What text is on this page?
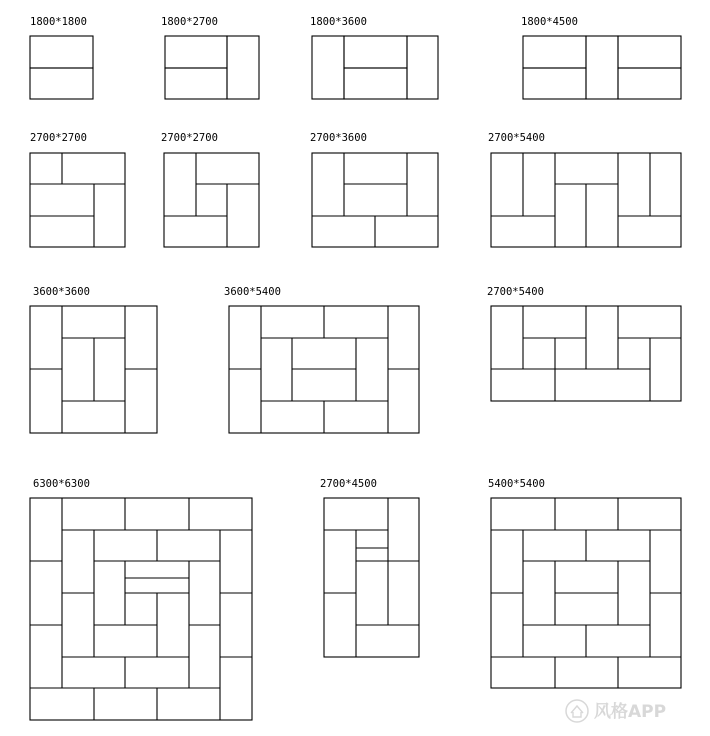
1800*1800	1800*2700	1800*3600	1800*4500
2700*2700	2700*2700	2700*3600	2700*5400
3600*3600	3600*5400	2700*5400
6300*6300	2700*4500	5400*5400
风格APP
